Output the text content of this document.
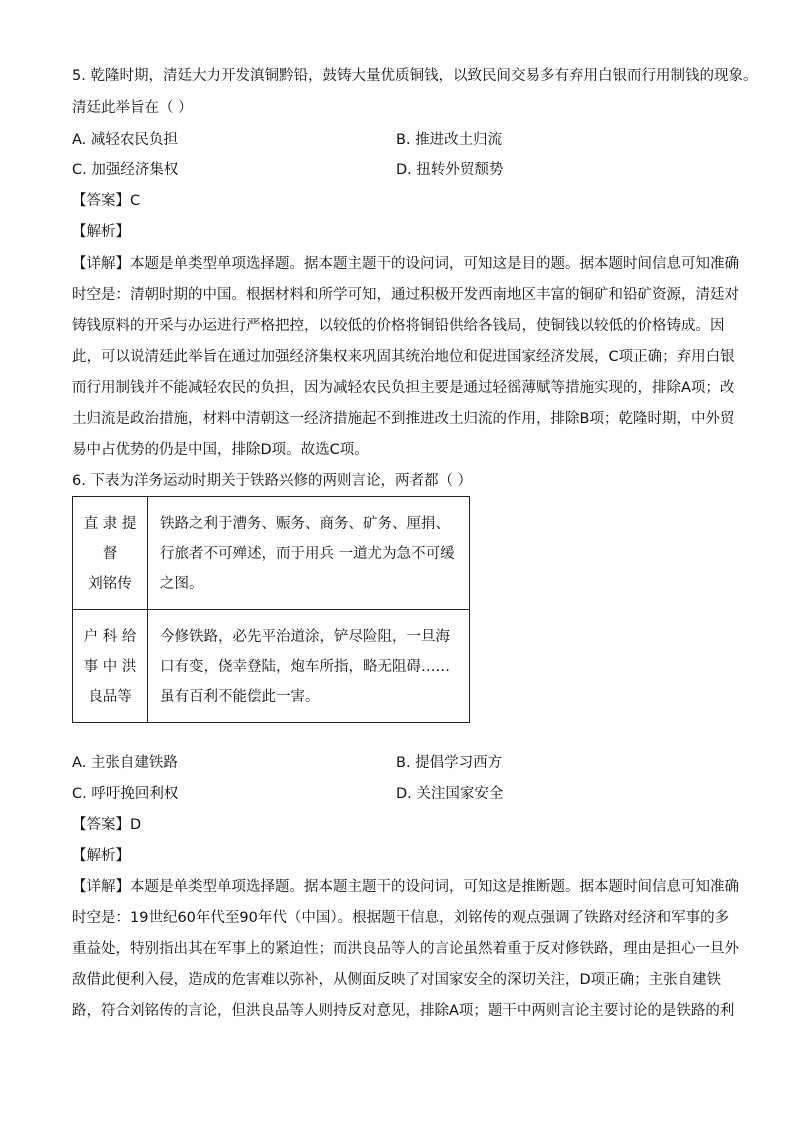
5. 乾隆时期，清廷大力开发滇铜黔铅，鼓铸大量优质铜钱，以致民间交易多有弃用白银而行用制钱的现象。
清廷此举旨在（ ）
A. 减轻农民负担	B. 推进改土归流
C. 加强经济集权	D. 扭转外贸颓势
【答案】C
【解析】
【详解】本题是单类型单项选择题。据本题主题干的设问词，可知这是目的题。据本题时间信息可知准确
时空是：清朝时期的中国。根据材料和所学可知，通过积极开发西南地区丰富的铜矿和铅矿资源，清廷对
铸钱原料的开采与办运进行严格把控，以较低的价格将铜铅供给各钱局，使铜钱以较低的价格铸成。因
此，可以说清廷此举旨在通过加强经济集权来巩固其统治地位和促进国家经济发展，C项正确；弃用白银
而行用制钱并不能减轻农民的负担，因为减轻农民负担主要是通过轻徭薄赋等措施实现的，排除A项；改
土归流是政治措施，材料中清朝这一经济措施起不到推进改土归流的作用，排除B项；乾隆时期，中外贸
易中占优势的仍是中国，排除D项。故选C项。
6. 下表为洋务运动时期关于铁路兴修的两则言论，两者都（ ）
直 隶 提
督
刘铭传	铁路之利于漕务、赈务、商务、矿务、厘捐、行旅者不可殚述，而于用兵 一道尤为急不可缓之图。

户 科 给
事 中 洪
良品等	今修铁路，必先平治道涂，铲尽险阻，一旦海口有变，侥幸登陆，炮车所指，略无阻碍……虽有百利不能偿此一害。
A. 主张自建铁路	B. 提倡学习西方
C. 呼吁挽回利权	D. 关注国家安全
【答案】D
【解析】
【详解】本题是单类型单项选择题。据本题主题干的设问词，可知这是推断题。据本题时间信息可知准确
时空是：19世纪60年代至90年代（中国）。根据题干信息，刘铭传的观点强调了铁路对经济和军事的多
重益处，特别指出其在军事上的紧迫性；而洪良品等人的言论虽然着重于反对修铁路，理由是担心一旦外
敌借此便利入侵，造成的危害难以弥补，从侧面反映了对国家安全的深切关注，D项正确；主张自建铁
路，符合刘铭传的言论，但洪良品等人则持反对意见，排除A项；题干中两则言论主要讨论的是铁路的利
